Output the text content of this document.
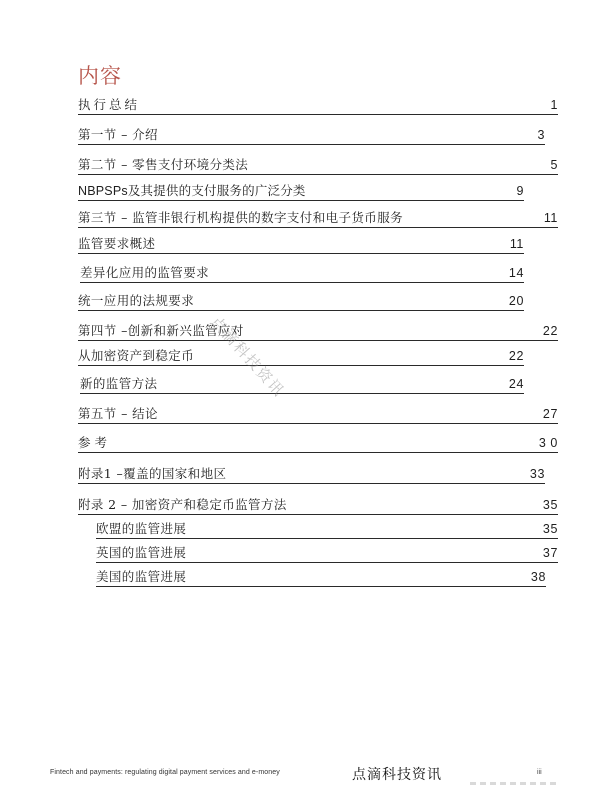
内容
执行总结	1
第一节 – 介绍	3
第二节 – 零售支付环境分类法	5
NBPSPs及其提供的支付服务的广泛分类	9
第三节 – 监管非银行机构提供的数字支付和电子货币服务	11
监管要求概述	11
差异化应用的监管要求	14
统一应用的法规要求	20
第四节 –创新和新兴监管应对	22
从加密资产到稳定币	22
新的监管方法	24
第五节 – 结论	27
参考	3 0
附录1 –覆盖的国家和地区	33
附录 2 – 加密资产和稳定币监管方法	35
欧盟的监管进展	35
英国的监管进展	37
美国的监管进展	38
点滴科技资讯
Fintech and payments: regulating digital payment services and e-money	点滴科技资讯	iii
